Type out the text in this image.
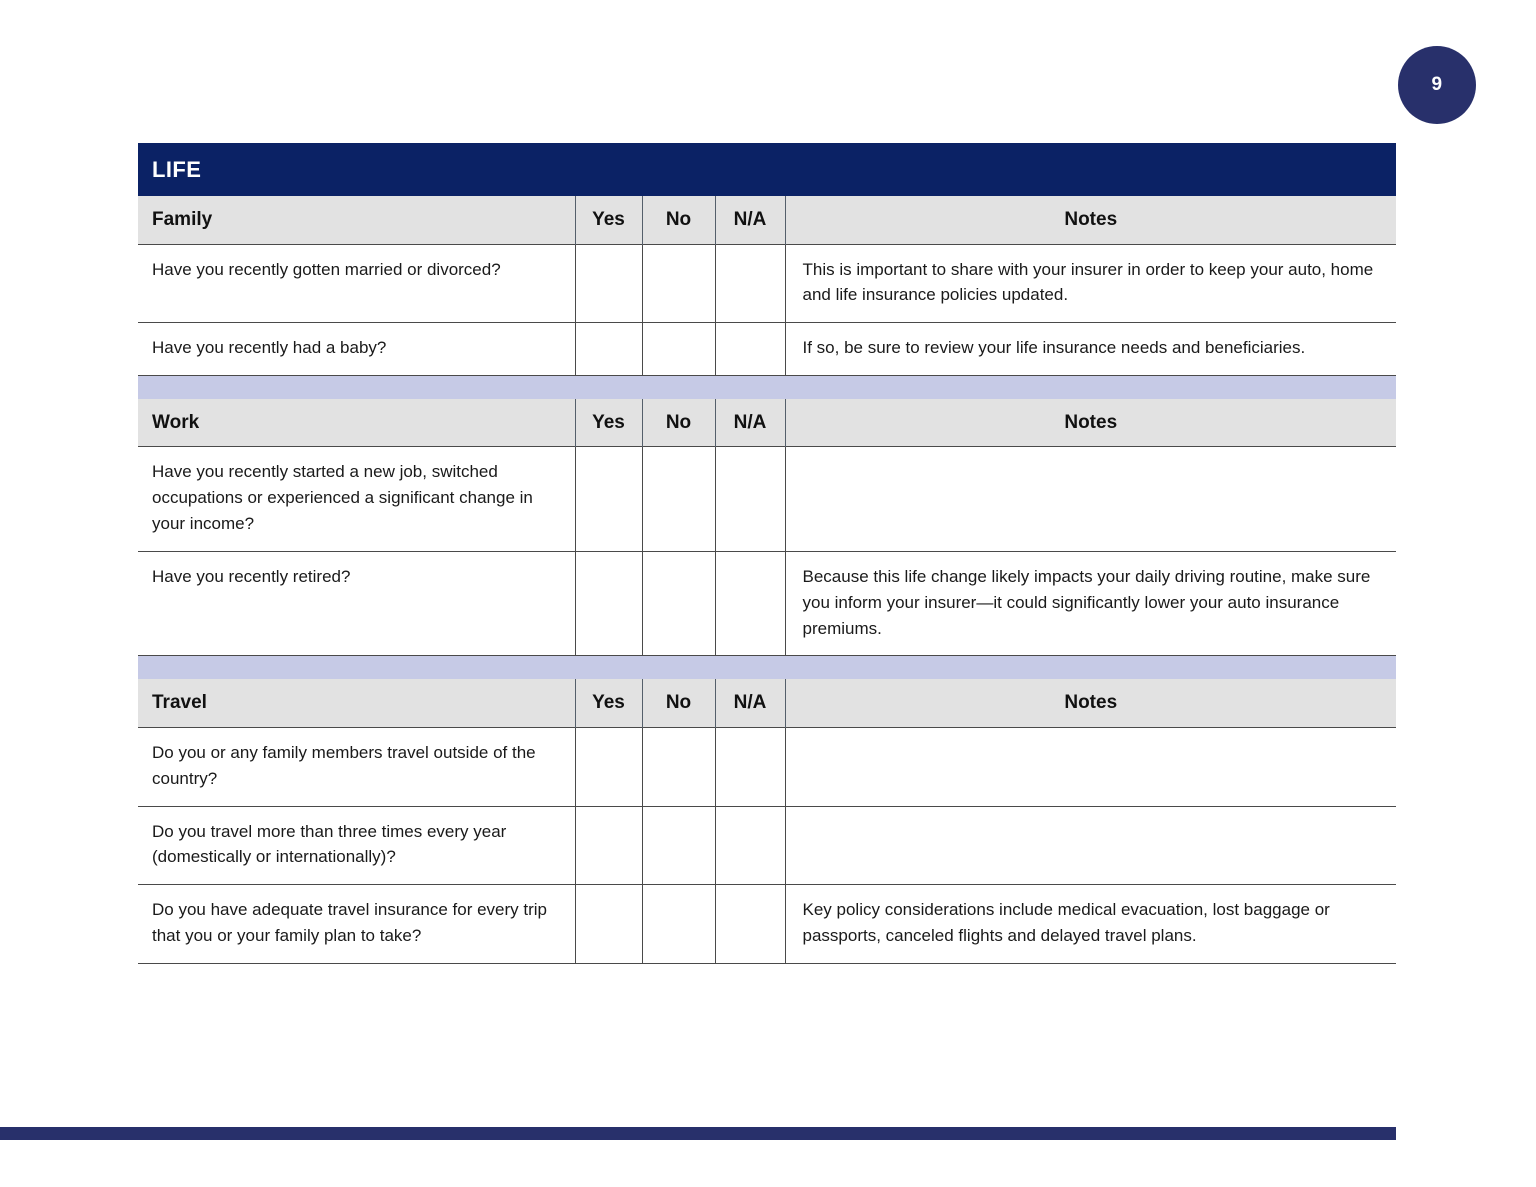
9
LIFE
Family	Yes	No	N/A	Notes
Have you recently gotten married or divorced?				This is important to share with your insurer in order to keep your auto, home and life insurance policies updated.
Have you recently had a baby?				If so, be sure to review your life insurance needs and beneficiaries.

Work	Yes	No	N/A	Notes
Have you recently started a new job, switched occupations or experienced a significant change in your income?				
Have you recently retired?				Because this life change likely impacts your daily driving routine, make sure you inform your insurer—it could significantly lower your auto insurance premiums.

Travel	Yes	No	N/A	Notes
Do you or any family members travel outside of the country?				
Do you travel more than three times every year (domestically or internationally)?				
Do you have adequate travel insurance for every trip that you or your family plan to take?				Key policy considerations include medical evacuation, lost baggage or passports, canceled flights and delayed travel plans.
